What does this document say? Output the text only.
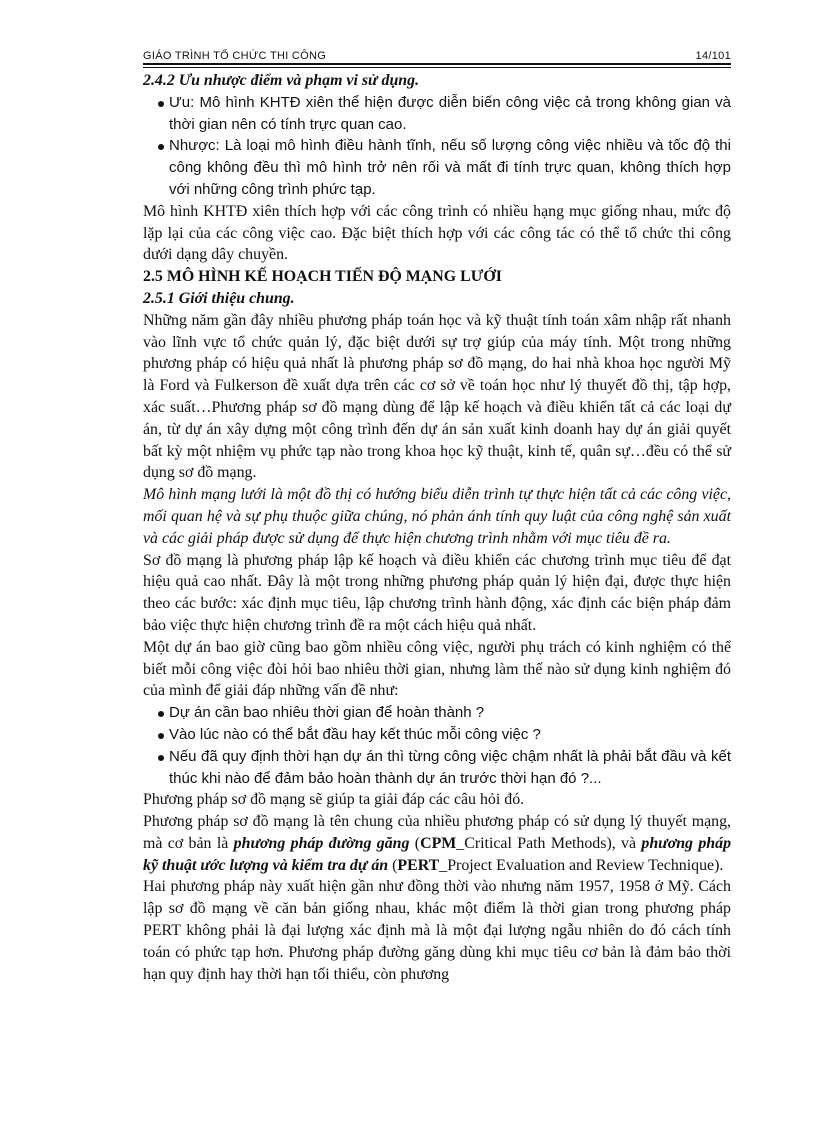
GIÁO TRÌNH TỔ CHỨC THI CÔNG	14/101

2.4.2 Ưu nhược điểm và phạm vi sử dụng.

Ưu: Mô hình KHTĐ xiên thể hiện được diễn biến công việc cả trong không gian và thời gian nên có tính trực quan cao.
Nhược: Là loại mô hình điều hành tĩnh, nếu số lượng công việc nhiều và tốc độ thi công không đều thì mô hình trở nên rối và mất đi tính trực quan, không thích hợp với những công trình phức tạp.

Mô hình KHTĐ xiên thích hợp với các công trình có nhiều hạng mục giống nhau, mức độ lặp lại của các công việc cao. Đặc biệt thích hợp với các công tác có thể tổ chức thi công dưới dạng dây chuyền.

2.5 MÔ HÌNH KẾ HOẠCH TIẾN ĐỘ MẠNG LƯỚI

2.5.1 Giới thiệu chung.

Những năm gần đây nhiều phương pháp toán học và kỹ thuật tính toán xâm nhập rất nhanh vào lĩnh vực tổ chức quản lý, đặc biệt dưới sự trợ giúp của máy tính. Một trong những phương pháp có hiệu quả nhất là phương pháp sơ đồ mạng, do hai nhà khoa học người Mỹ là Ford và Fulkerson đề xuất dựa trên các cơ sở về toán học như lý thuyết đồ thị, tập hợp, xác suất…Phương pháp sơ đồ mạng dùng để lập kế hoạch và điều khiển tất cả các loại dự án, từ dự án xây dựng một công trình đến dự án sản xuất kinh doanh hay dự án giải quyết bất kỳ một nhiệm vụ phức tạp nào trong khoa học kỹ thuật, kinh tế, quân sự…đều có thể sử dụng sơ đồ mạng.

Mô hình mạng lưới là một đồ thị có hướng biểu diễn trình tự thực hiện tất cả các công việc, mối quan hệ và sự phụ thuộc giữa chúng, nó phản ánh tính quy luật của công nghệ sản xuất và các giải pháp được sử dụng để thực hiện chương trình nhằm với mục tiêu đề ra.

Sơ đồ mạng là phương pháp lập kế hoạch và điều khiển các chương trình mục tiêu để đạt hiệu quả cao nhất. Đây là một trong những phương pháp quản lý hiện đại, được thực hiện theo các bước: xác định mục tiêu, lập chương trình hành động, xác định các biện pháp đảm bảo việc thực hiện chương trình đề ra một cách hiệu quả nhất.

Một dự án bao giờ cũng bao gồm nhiều công việc, người phụ trách có kinh nghiệm có thể biết mỗi công việc đòi hỏi bao nhiêu thời gian, nhưng làm thế nào sử dụng kinh nghiệm đó của mình để giải đáp những vấn đề như:

Dự án cần bao nhiêu thời gian để hoàn thành ?
Vào lúc nào có thể bắt đầu hay kết thúc mỗi công việc ?
Nếu đã quy định thời hạn dự án thì từng công việc chậm nhất là phải bắt đầu và kết thúc khi nào để đảm bảo hoàn thành dự án trước thời hạn đó ?...

Phương pháp sơ đồ mạng sẽ giúp ta giải đáp các câu hỏi đó.

Phương pháp sơ đồ mạng là tên chung của nhiều phương pháp có sử dụng lý thuyết mạng, mà cơ bản là phương pháp đường găng (CPM_Critical Path Methods), và phương pháp kỹ thuật ước lượng và kiểm tra dự án (PERT_Project Evaluation and Review Technique).

Hai phương pháp này xuất hiện gần như đồng thời vào nhưng năm 1957, 1958 ở Mỹ. Cách lập sơ đồ mạng về căn bản giống nhau, khác một điểm là thời gian trong phương pháp PERT không phải là đại lượng xác định mà là một đại lượng ngẫu nhiên do đó cách tính toán có phức tạp hơn. Phương pháp đường găng dùng khi mục tiêu cơ bản là đảm bảo thời hạn quy định hay thời hạn tối thiểu, còn phương
